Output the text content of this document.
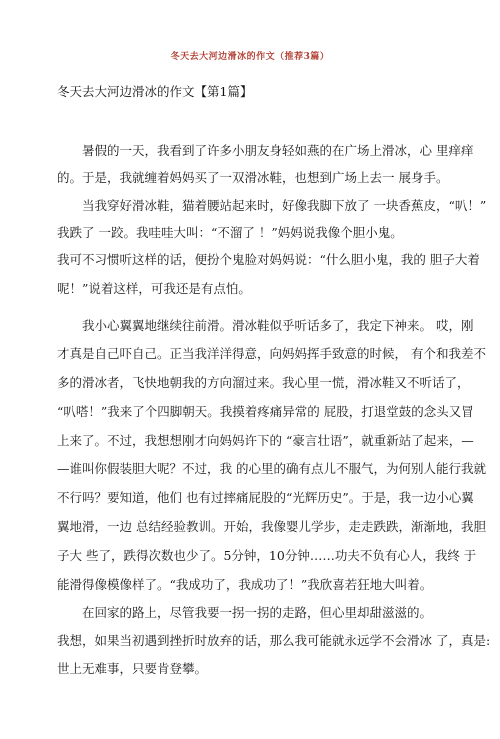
冬天去大河边滑冰的作文（推荐3篇）
冬天去大河边滑冰的作文【第1篇】
暑假的一天，我看到了许多小朋友身轻如燕的在广场上滑冰，心 里痒痒
的。于是，我就缠着妈妈买了一双滑冰鞋，也想到广场上去一 展身手。
当我穿好滑冰鞋，猫着腰站起来时，好像我脚下放了 一块香蕉皮，“叭！”
我跌了 一跤。我哇哇大叫：“不溜了 ！”妈妈说我像个胆小鬼。
我可不习惯听这样的话，便扮个鬼脸对妈妈说：“什么胆小鬼，我的 胆子大着
呢！”说着这样，可我还是有点怕。
我小心翼翼地继续往前滑。滑冰鞋似乎听话多了，我定下神来。 哎，刚
才真是自己吓自己。正当我洋洋得意，向妈妈挥手致意的时候， 有个和我差不
多的滑冰者，飞快地朝我的方向溜过来。我心里一慌，滑冰鞋又不听话了，
“叭嗒！”我来了个四脚朝天。我摸着疼痛异常的 屁股，打退堂鼓的念头又冒
上来了。不过，我想想刚才向妈妈许下的 “豪言壮语”，就重新站了起来，—
—谁叫你假装胆大呢？不过，我 的心里的确有点儿不服气，为何别人能行我就
不行吗？要知道，他们 也有过摔痛屁股的“光辉历史”。于是，我一边小心翼
翼地滑，一边 总结经验教训。开始，我像婴儿学步，走走跌跌，渐渐地，我胆
子大 些了，跌得次数也少了。5分钟，10分钟……功夫不负有心人，我终 于
能滑得像模像样了。“我成功了，我成功了！”我欣喜若狂地大叫着。
在回家的路上，尽管我要一拐一拐的走路，但心里却甜滋滋的。
我想，如果当初遇到挫折时放弃的话，那么我可能就永远学不会滑冰 了，真是:
世上无难事，只要肯登攀。
